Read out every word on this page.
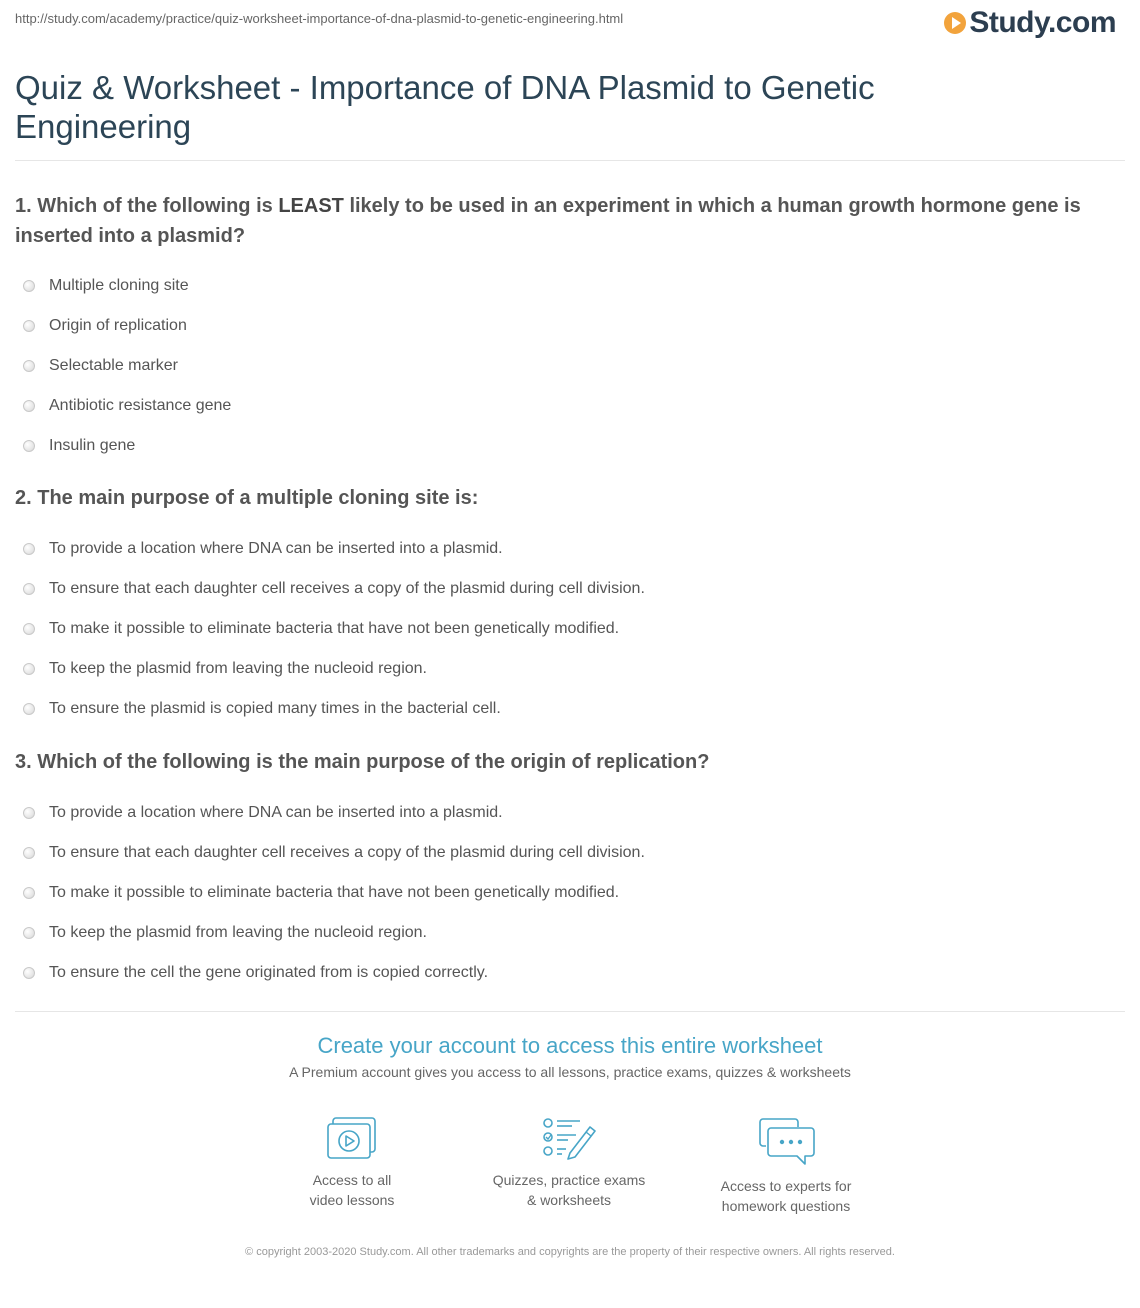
http://study.com/academy/practice/quiz-worksheet-importance-of-dna-plasmid-to-genetic-engineering.html	Study.com
Quiz & Worksheet - Importance of DNA Plasmid to Genetic Engineering

1. Which of the following is LEAST likely to be used in an experiment in which a human growth hormone gene is inserted into a plasmid?

Multiple cloning site
Origin of replication
Selectable marker
Antibiotic resistance gene
Insulin gene

2. The main purpose of a multiple cloning site is:

To provide a location where DNA can be inserted into a plasmid.
To ensure that each daughter cell receives a copy of the plasmid during cell division.
To make it possible to eliminate bacteria that have not been genetically modified.
To keep the plasmid from leaving the nucleoid region.
To ensure the plasmid is copied many times in the bacterial cell.

3. Which of the following is the main purpose of the origin of replication?

To provide a location where DNA can be inserted into a plasmid.
To ensure that each daughter cell receives a copy of the plasmid during cell division.
To make it possible to eliminate bacteria that have not been genetically modified.
To keep the plasmid from leaving the nucleoid region.
To ensure the cell the gene originated from is copied correctly.
Create your account to access this entire worksheet
A Premium account gives you access to all lessons, practice exams, quizzes & worksheets
Access to all
video lessons
Quizzes, practice exams
& worksheets
Access to experts for
homework questions
© copyright 2003-2020 Study.com. All other trademarks and copyrights are the property of their respective owners. All rights reserved.
